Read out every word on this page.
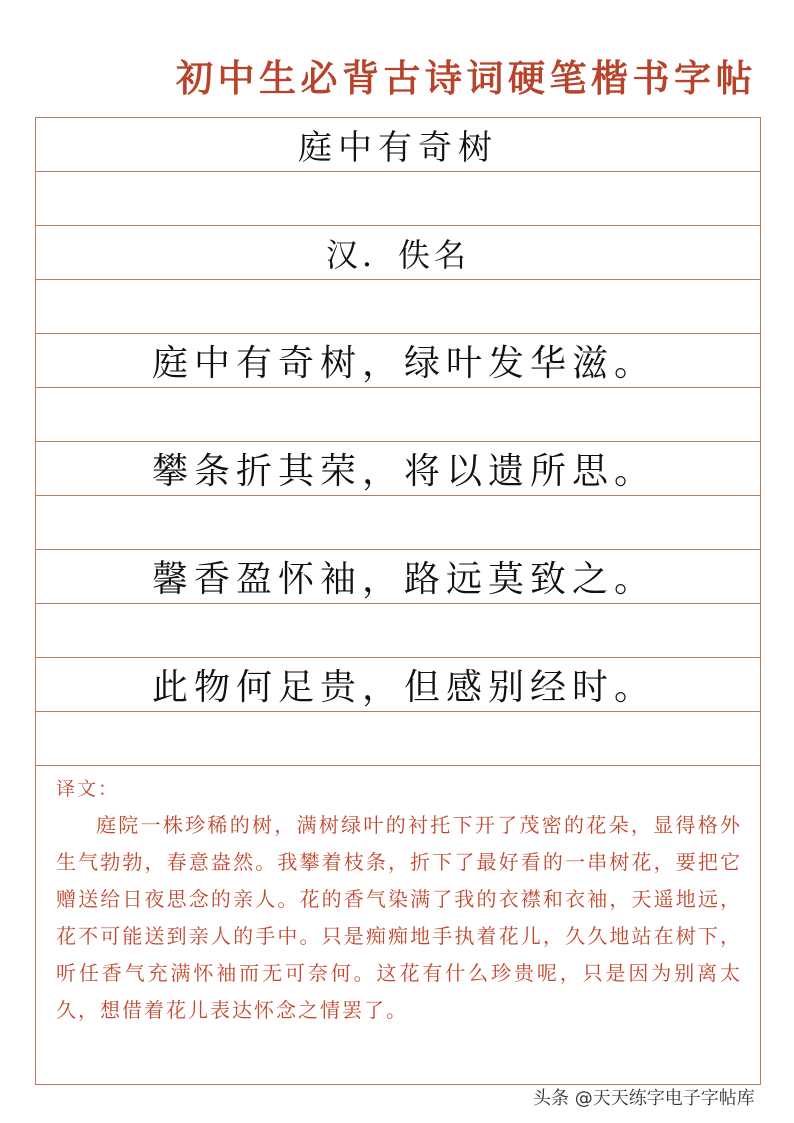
初中生必背古诗词硬笔楷书字帖
庭中有奇树
汉．佚名
庭中有奇树，绿叶发华滋。
攀条折其荣，将以遗所思。
馨香盈怀袖，路远莫致之。
此物何足贵，但感别经时。
译文：
庭院一株珍稀的树，满树绿叶的衬托下开了茂密的花朵，显得格外生气勃勃，春意盎然。我攀着枝条，折下了最好看的一串树花，要把它赠送给日夜思念的亲人。花的香气染满了我的衣襟和衣袖，天遥地远，花不可能送到亲人的手中。只是痴痴地手执着花儿，久久地站在树下，听任香气充满怀袖而无可奈何。这花有什么珍贵呢，只是因为别离太久，想借着花儿表达怀念之情罢了。
头条 @天天练字电子字帖库
